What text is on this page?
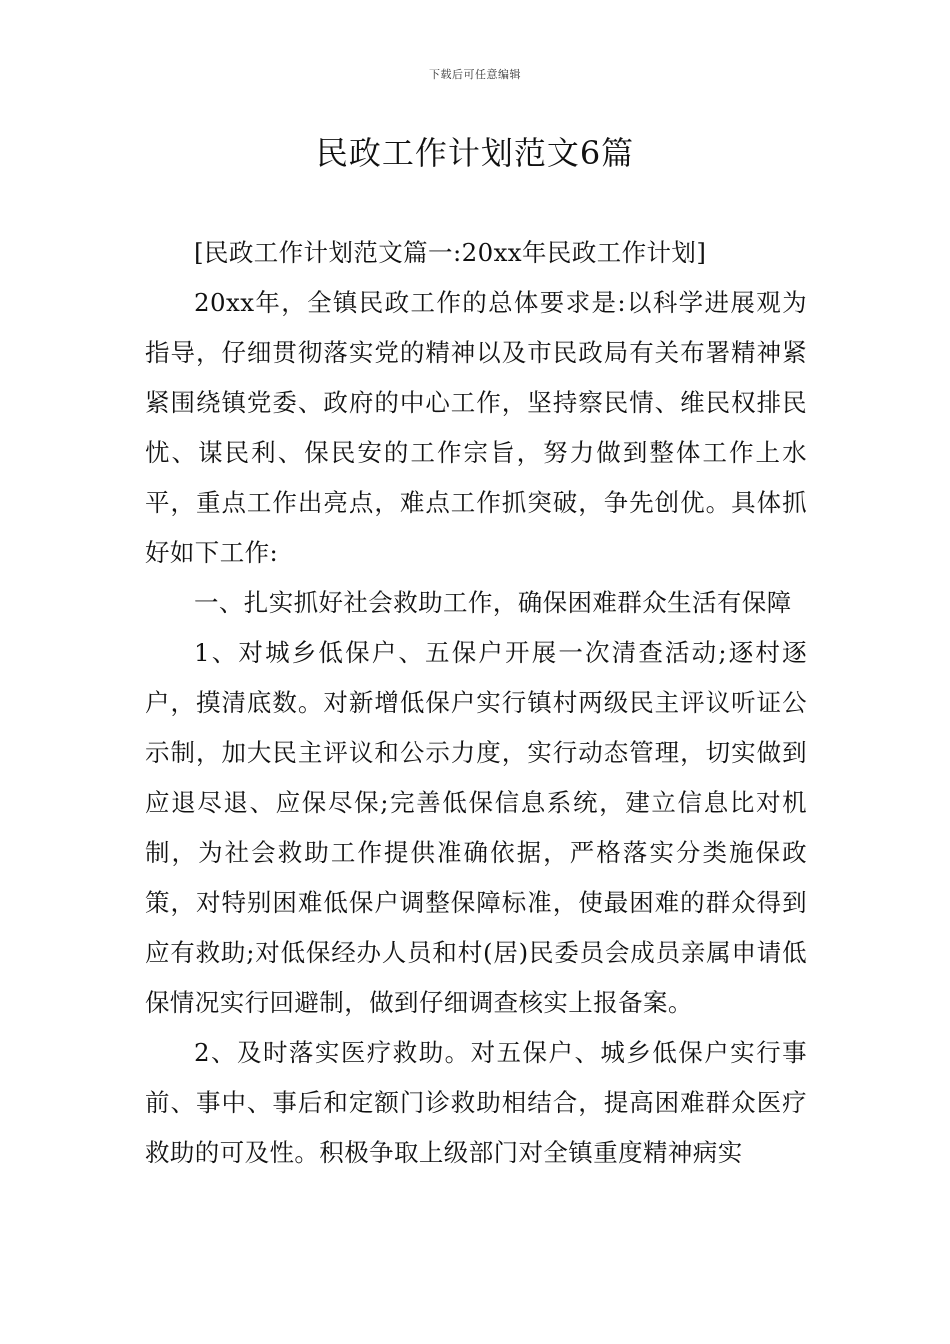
下载后可任意编辑
民政工作计划范文6篇

[民政工作计划范文篇一:20xx年民政工作计划]

20xx年，全镇民政工作的总体要求是:以科学进展观为指导，仔细贯彻落实党的精神以及市民政局有关布署精神紧紧围绕镇党委、政府的中心工作，坚持察民情、维民权排民忧、谋民利、保民安的工作宗旨，努力做到整体工作上水平，重点工作出亮点，难点工作抓突破，争先创优。具体抓好如下工作:

一、扎实抓好社会救助工作，确保困难群众生活有保障

1、对城乡低保户、五保户开展一次清查活动;逐村逐户，摸清底数。对新增低保户实行镇村两级民主评议听证公示制，加大民主评议和公示力度，实行动态管理，切实做到应退尽退、应保尽保;完善低保信息系统，建立信息比对机制，为社会救助工作提供准确依据，严格落实分类施保政策，对特别困难低保户调整保障标准，使最困难的群众得到应有救助;对低保经办人员和村(居)民委员会成员亲属申请低保情况实行回避制，做到仔细调查核实上报备案。

2、及时落实医疗救助。对五保户、城乡低保户实行事前、事中、事后和定额门诊救助相结合，提高困难群众医疗救助的可及性。积极争取上级部门对全镇重度精神病实
